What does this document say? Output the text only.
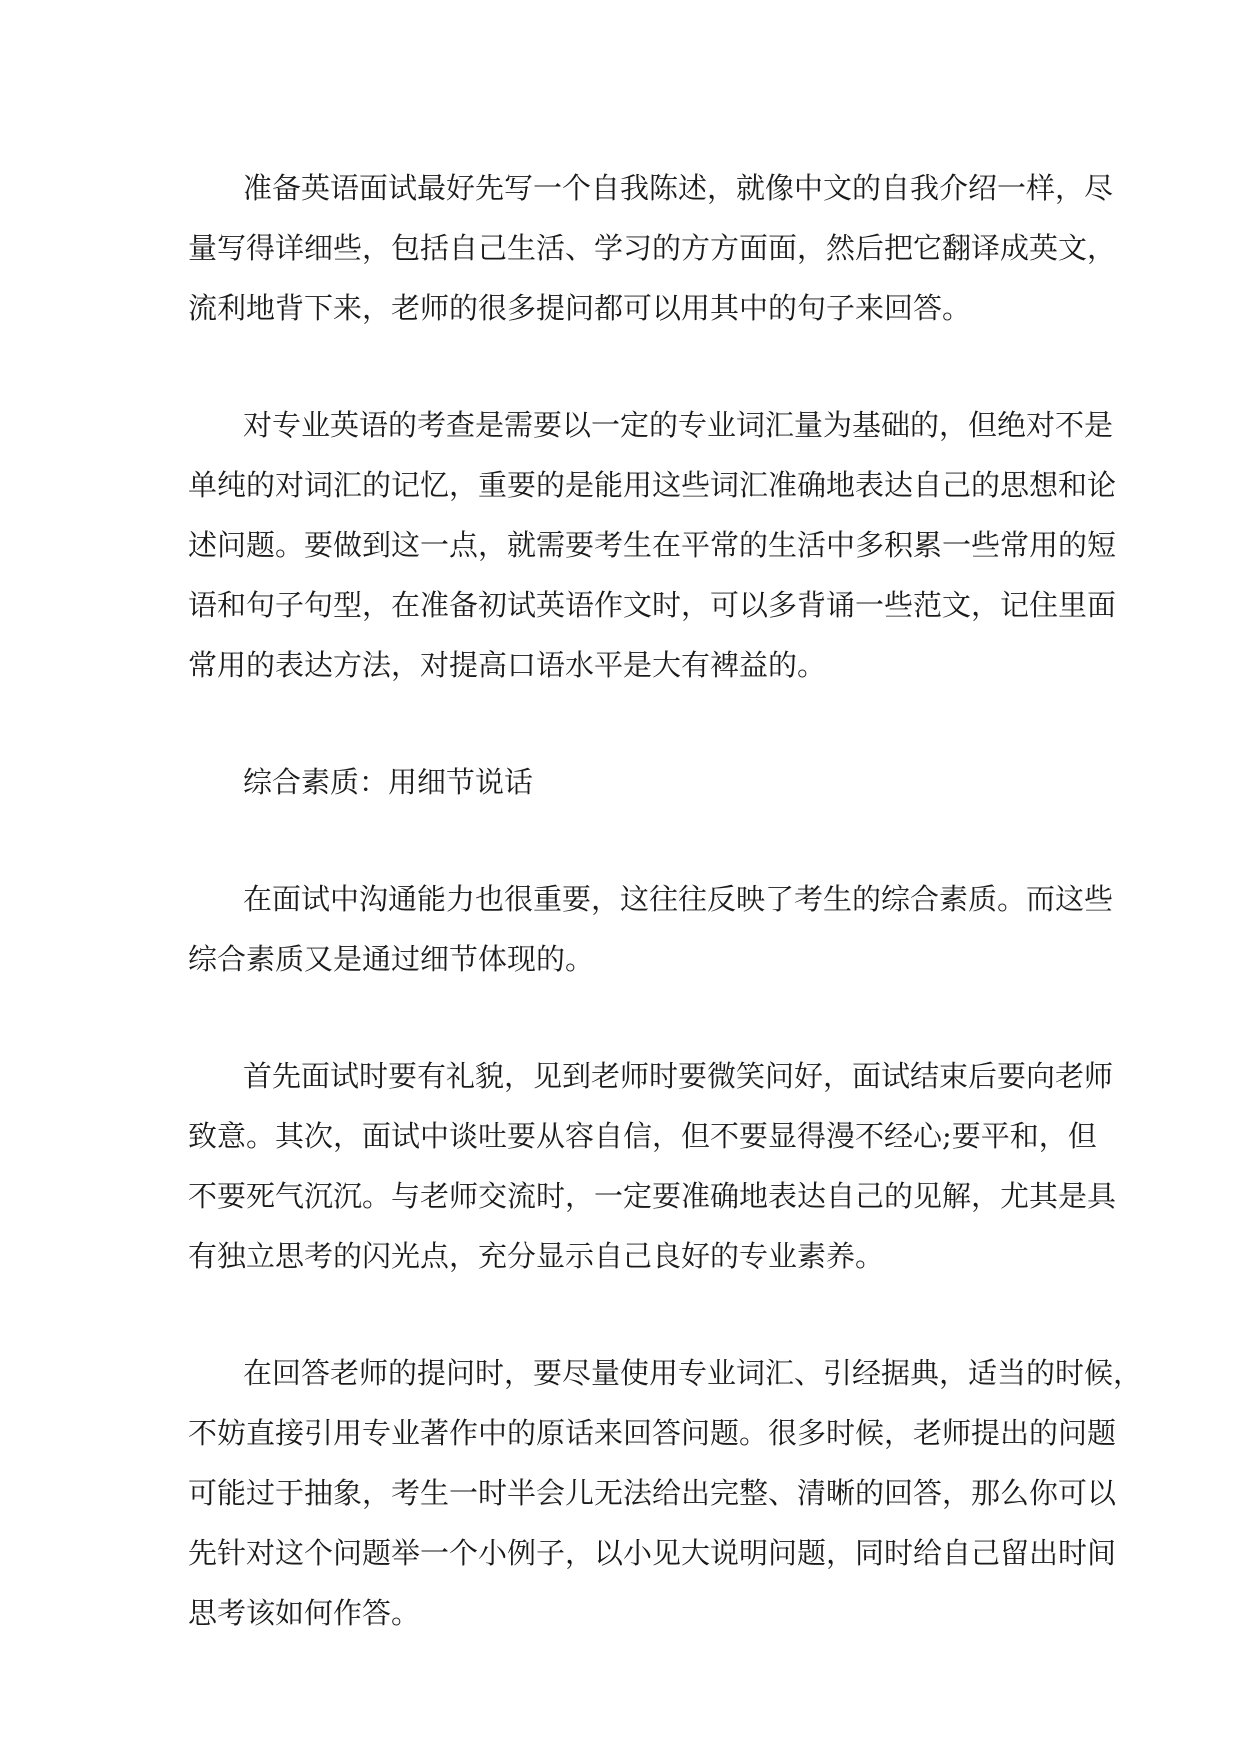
准备英语面试最好先写一个自我陈述，就像中文的自我介绍一样，尽
量写得详细些，包括自己生活、学习的方方面面，然后把它翻译成英文，
流利地背下来，老师的很多提问都可以用其中的句子来回答。
对专业英语的考查是需要以一定的专业词汇量为基础的，但绝对不是
单纯的对词汇的记忆，重要的是能用这些词汇准确地表达自己的思想和论
述问题。要做到这一点，就需要考生在平常的生活中多积累一些常用的短
语和句子句型，在准备初试英语作文时，可以多背诵一些范文，记住里面
常用的表达方法，对提高口语水平是大有裨益的。
综合素质：用细节说话
在面试中沟通能力也很重要，这往往反映了考生的综合素质。而这些
综合素质又是通过细节体现的。
首先面试时要有礼貌，见到老师时要微笑问好，面试结束后要向老师
致意。其次，面试中谈吐要从容自信，但不要显得漫不经心;要平和，但
不要死气沉沉。与老师交流时，一定要准确地表达自己的见解，尤其是具
有独立思考的闪光点，充分显示自己良好的专业素养。
在回答老师的提问时，要尽量使用专业词汇、引经据典，适当的时候，
不妨直接引用专业著作中的原话来回答问题。很多时候，老师提出的问题
可能过于抽象，考生一时半会儿无法给出完整、清晰的回答，那么你可以
先针对这个问题举一个小例子，以小见大说明问题，同时给自己留出时间
思考该如何作答。
